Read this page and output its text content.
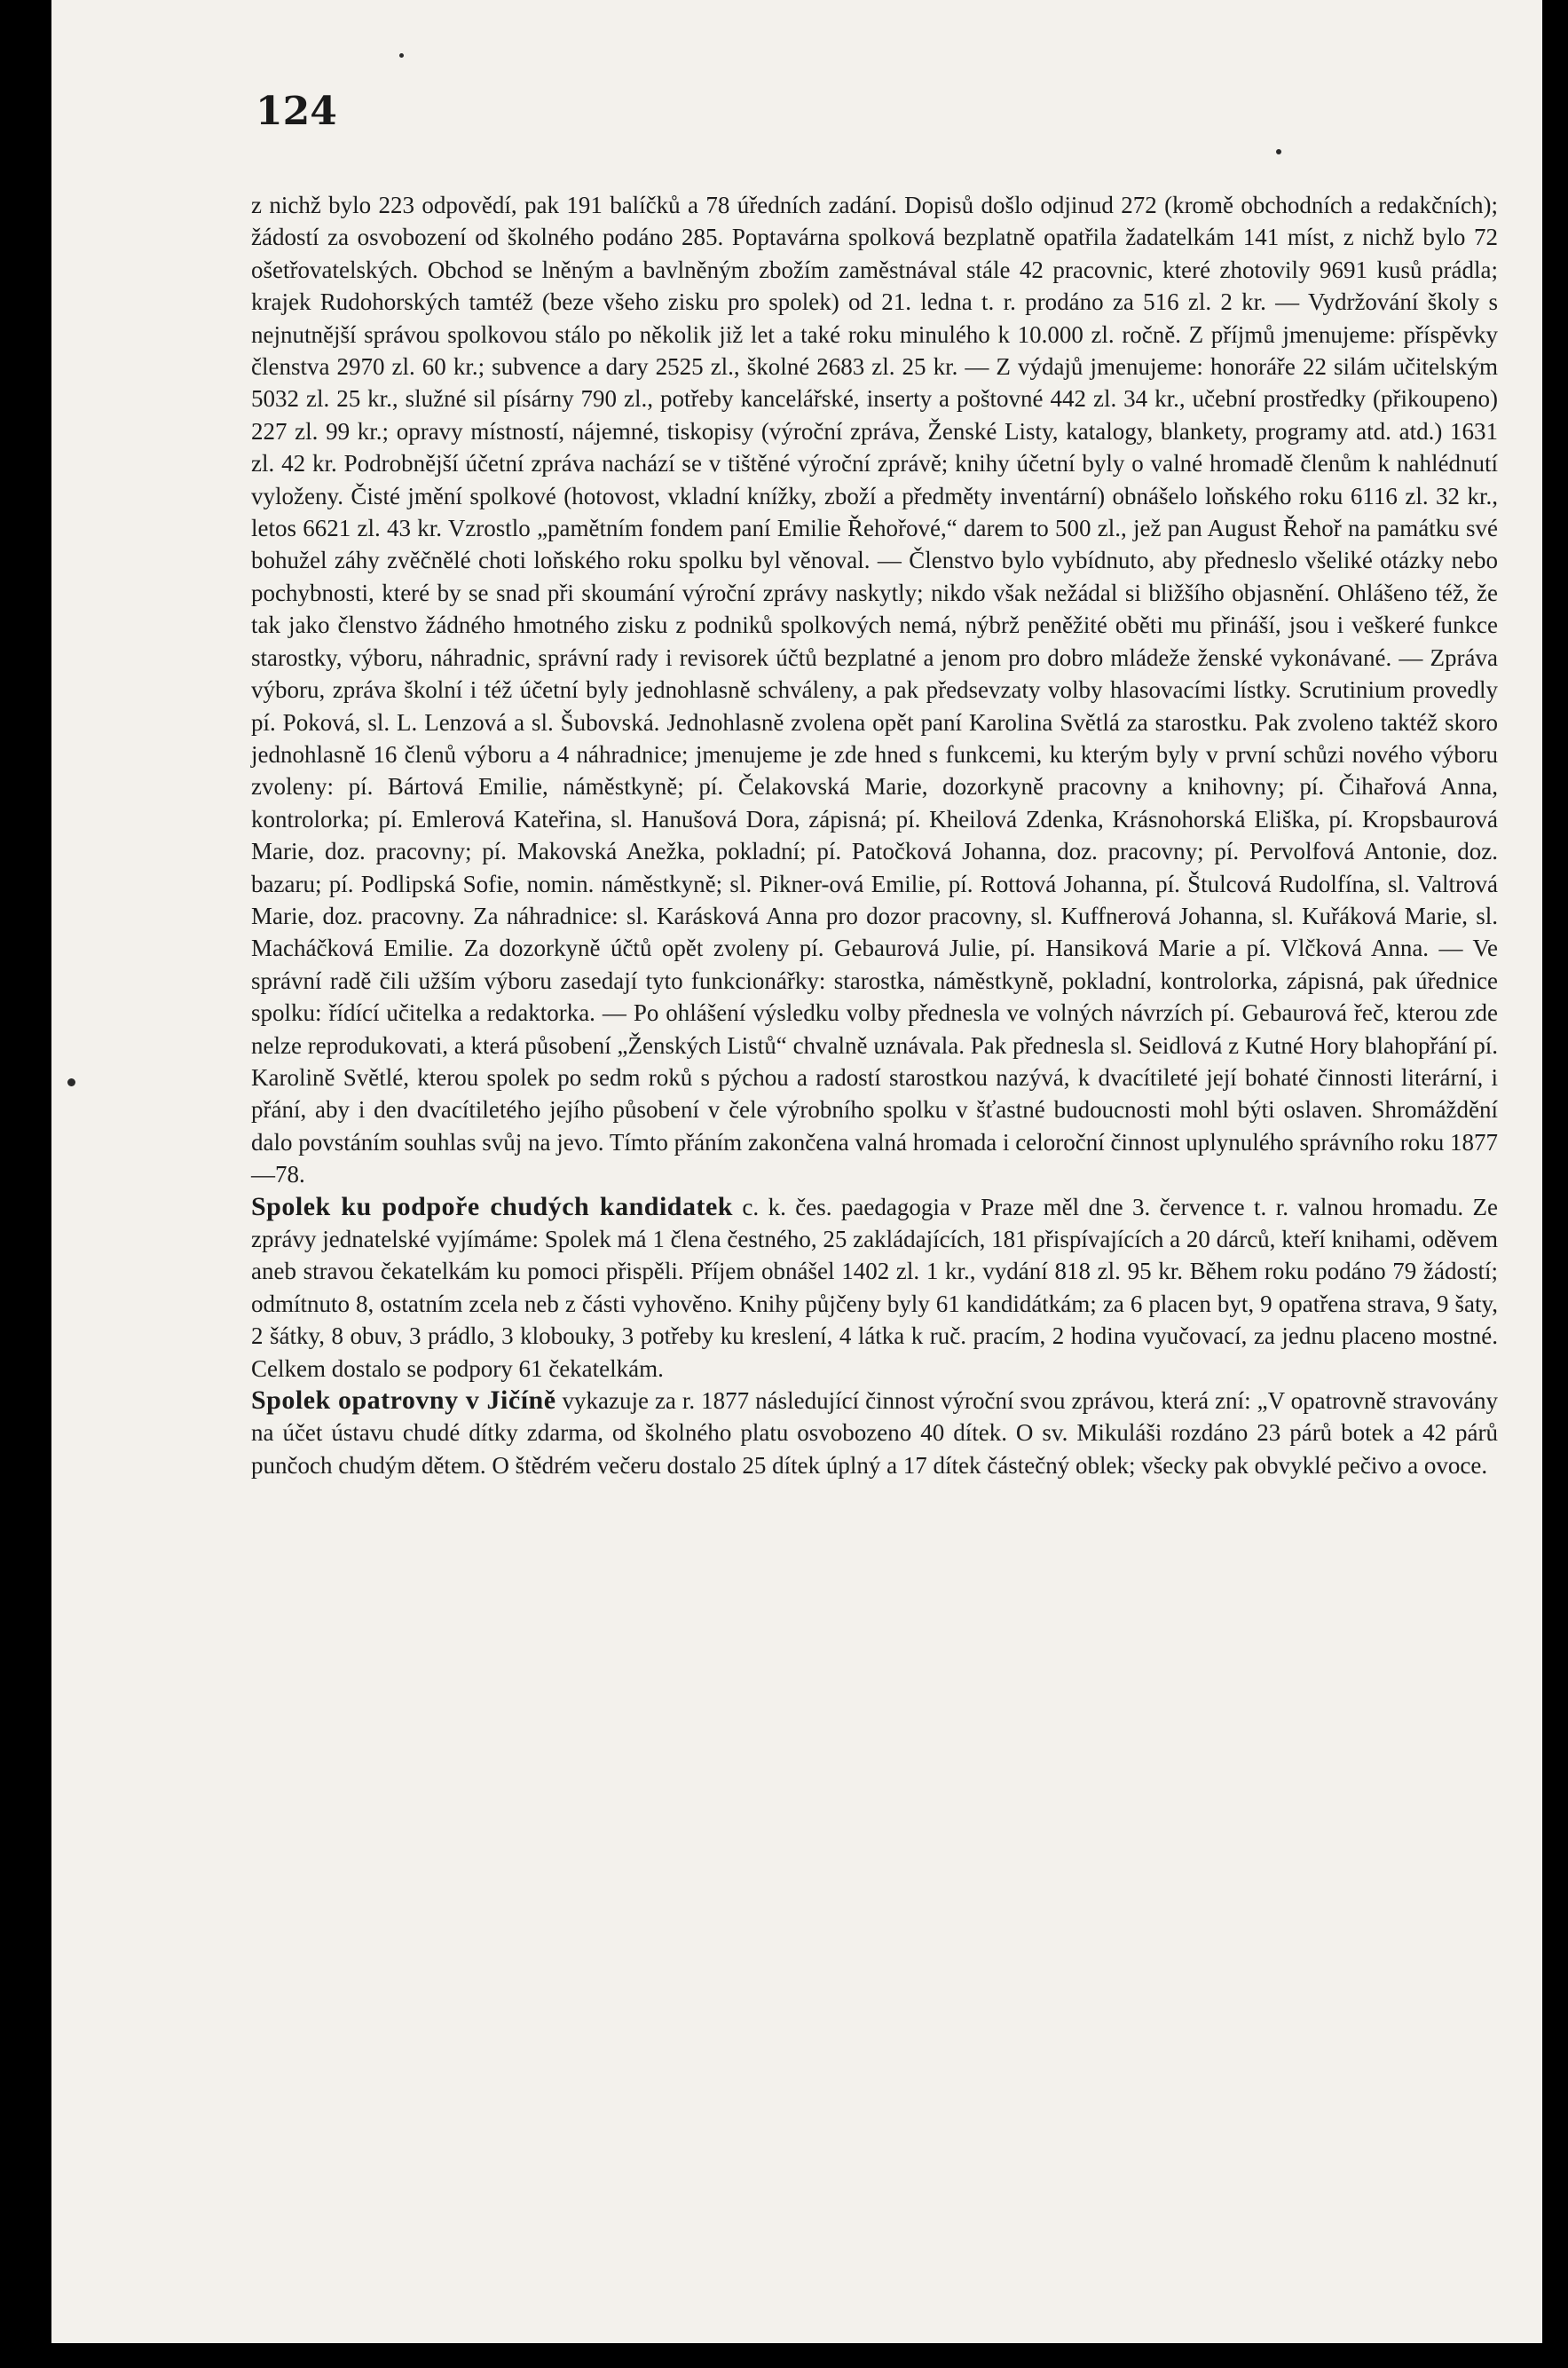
124

z nichž bylo 223 odpovědí, pak 191 balíčků a 78 úředních zadání. Dopisů došlo odjinud 272 (kromě obchodních a redakčních); žádostí za osvobození od školného podáno 285. Poptavárna spolková bezplatně opatřila žadatelkám 141 míst, z nichž bylo 72 ošetřovatelských. Obchod se lněným a bavlněným zbožím zaměstnával stále 42 pracovnic, které zhotovily 9691 kusů prádla; krajek Rudohorských tamtéž (beze všeho zisku pro spolek) od 21. ledna t. r. prodáno za 516 zl. 2 kr. — Vydržování školy s nejnutnější správou spolkovou stálo po několik již let a také roku minulého k 10.000 zl. ročně. Z příjmů jmenujeme: příspěvky členstva 2970 zl. 60 kr.; subvence a dary 2525 zl., školné 2683 zl. 25 kr. — Z výdajů jmenujeme: honoráře 22 silám učitelským 5032 zl. 25 kr., služné sil písárny 790 zl., potřeby kancelářské, inserty a poštovné 442 zl. 34 kr., učební prostředky (přikoupeno) 227 zl. 99 kr.; opravy místností, nájemné, tiskopisy (výroční zpráva, Ženské Listy, katalogy, blankety, programy atd. atd.) 1631 zl. 42 kr. Podrobnější účetní zpráva nachází se v tištěné výroční zprávě; knihy účetní byly o valné hromadě členům k nahlédnutí vyloženy. Čisté jmění spolkové (hotovost, vkladní knížky, zboží a předměty inventární) obnášelo loňského roku 6116 zl. 32 kr., letos 6621 zl. 43 kr. Vzrostlo „pamětním fondem paní Emilie Řehořové,“ darem to 500 zl., jež pan August Řehoř na památku své bohužel záhy zvěčnělé choti loňského roku spolku byl věnoval. — Členstvo bylo vybídnuto, aby předneslo všeliké otázky nebo pochybnosti, které by se snad při skoumání výroční zprávy naskytly; nikdo však nežádal si bližšího objasnění. Ohlášeno též, že tak jako členstvo žádného hmotného zisku z podniků spolkových nemá, nýbrž peněžité oběti mu přináší, jsou i veškeré funkce starostky, výboru, náhradnic, správní rady i revisorek účtů bezplatné a jenom pro dobro mládeže ženské vykonávané. — Zpráva výboru, zpráva školní i též účetní byly jednohlasně schváleny, a pak předsevzaty volby hlasovacími lístky. Scrutinium provedly pí. Poková, sl. L. Lenzová a sl. Šubovská. Jednohlasně zvolena opět paní Karolina Světlá za starostku. Pak zvoleno taktéž skoro jednohlasně 16 členů výboru a 4 náhradnice; jmenujeme je zde hned s funkcemi, ku kterým byly v první schůzi nového výboru zvoleny: pí. Bártová Emilie, náměstkyně; pí. Čelakovská Marie, dozorkyně pracovny a knihovny; pí. Čihařová Anna, kontrolorka; pí. Emlerová Kateřina, sl. Hanušová Dora, zápisná; pí. Kheilová Zdenka, Krásnohorská Eliška, pí. Kropsbaurová Marie, doz. pracovny; pí. Makovská Anežka, pokladní; pí. Patočková Johanna, doz. pracovny; pí. Pervolfová Antonie, doz. bazaru; pí. Podlipská Sofie, nomin. náměstkyně; sl. Pikner-ová Emilie, pí. Rottová Johanna, pí. Štulcová Rudolfína, sl. Valtrová Marie, doz. pracovny. Za náhradnice: sl. Karásková Anna pro dozor pracovny, sl. Kuffnerová Johanna, sl. Kuřáková Marie, sl. Macháčková Emilie. Za dozorkyně účtů opět zvoleny pí. Gebaurová Julie, pí. Hansiková Marie a pí. Vlčková Anna. — Ve správní radě čili užším výboru zasedají tyto funkcionářky: starostka, náměstkyně, pokladní, kontrolorka, zápisná, pak úřednice spolku: řídící učitelka a redaktorka. — Po ohlášení výsledku volby přednesla ve volných návrzích pí. Gebaurová řeč, kterou zde nelze reprodukovati, a která působení „Ženských Listů“ chvalně uznávala. Pak přednesla sl. Seidlová z Kutné Hory blahopřání pí. Karolině Světlé, kterou spolek po sedm roků s pýchou a radostí starostkou nazývá, k dvacítileté její bohaté činnosti literární, i přání, aby i den dvacítiletého jejího působení v čele výrobního spolku v šťastné budoucnosti mohl býti oslaven. Shromáždění dalo povstáním souhlas svůj na jevo. Tímto přáním zakončena valná hromada i celoroční činnost uplynulého správního roku 1877—78.

Spolek ku podpoře chudých kandidatek c. k. čes. paedagogia v Praze měl dne 3. července t. r. valnou hromadu. Ze zprávy jednatelské vyjímáme: Spolek má 1 člena čestného, 25 zakládajících, 181 přispívajících a 20 dárců, kteří knihami, oděvem aneb stravou čekatelkám ku pomoci přispěli. Příjem obnášel 1402 zl. 1 kr., vydání 818 zl. 95 kr. Během roku podáno 79 žádostí; odmítnuto 8, ostatním zcela neb z části vyhověno. Knihy půjčeny byly 61 kandidátkám; za 6 placen byt, 9 opatřena strava, 9 šaty, 2 šátky, 8 obuv, 3 prádlo, 3 klobouky, 3 potřeby ku kreslení, 4 látka k ruč. pracím, 2 hodina vyučovací, za jednu placeno mostné. Celkem dostalo se podpory 61 čekatelkám.

Spolek opatrovny v Jičíně vykazuje za r. 1877 následující činnost výroční svou zprávou, která zní: „V opatrovně stravovány na účet ústavu chudé dítky zdarma, od školného platu osvobozeno 40 dítek. O sv. Mikuláši rozdáno 23 párů botek a 42 párů punčoch chudým dětem. O štědrém večeru dostalo 25 dítek úplný a 17 dítek částečný oblek; všecky pak obvyklé pečivo a ovoce.
